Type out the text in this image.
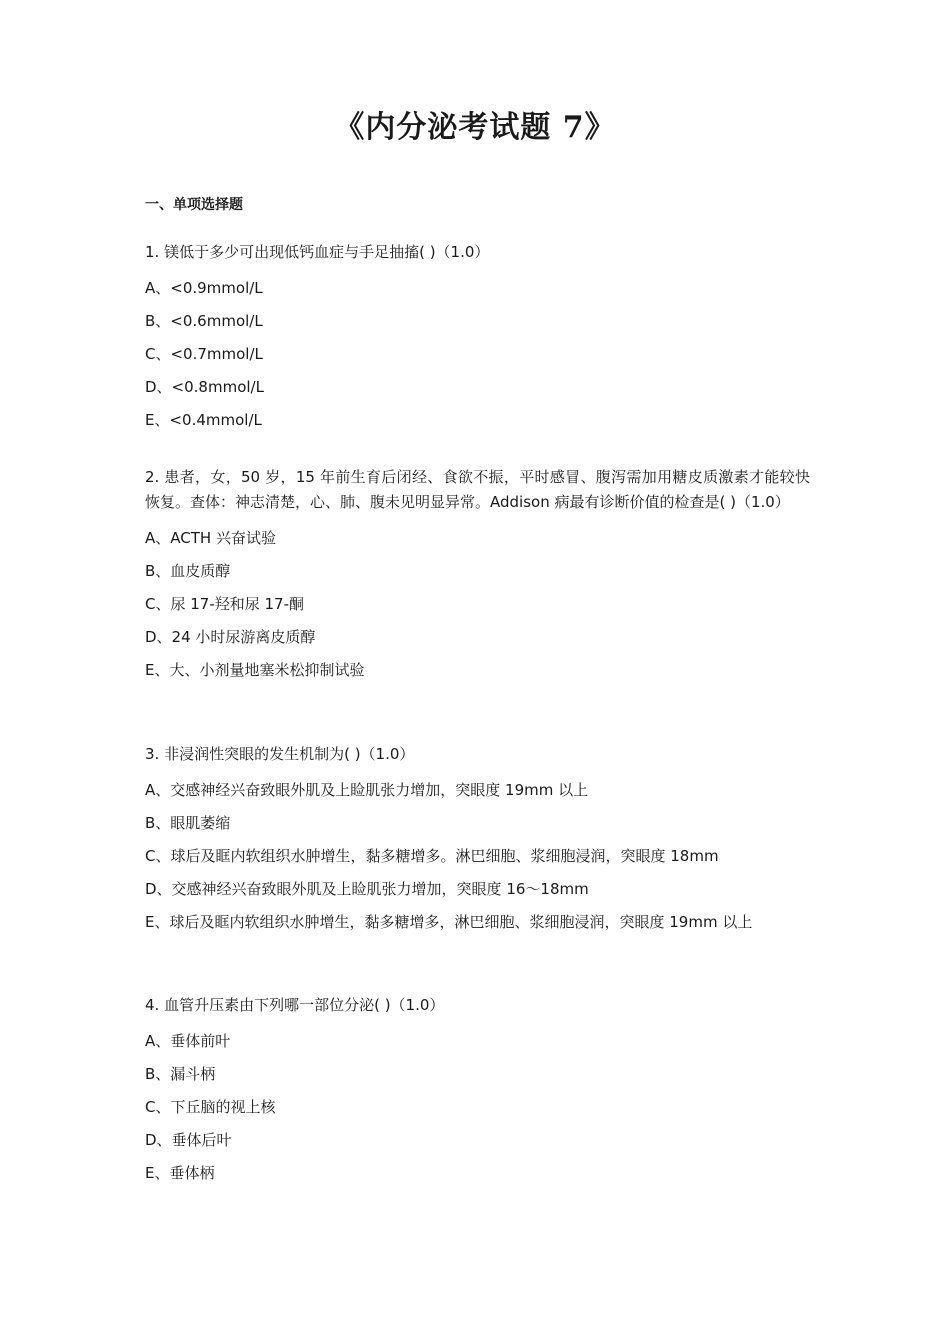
《内分泌考试题 7》
一、单项选择题

1. 镁低于多少可出现低钙血症与手足抽搐( )（1.0）

A、<0.9mmol/L
B、<0.6mmol/L
C、<0.7mmol/L
D、<0.8mmol/L
E、<0.4mmol/L

2. 患者，女，50 岁，15 年前生育后闭经、食欲不振，平时感冒、腹泻需加用糖皮质激素才能较快恢复。查体：神志清楚，心、肺、腹未见明显异常。Addison 病最有诊断价值的检查是( )（1.0）

A、ACTH 兴奋试验
B、血皮质醇
C、尿 17-羟和尿 17-酮
D、24 小时尿游离皮质醇
E、大、小剂量地塞米松抑制试验

3. 非浸润性突眼的发生机制为( )（1.0）

A、交感神经兴奋致眼外肌及上睑肌张力增加，突眼度 19mm 以上
B、眼肌萎缩
C、球后及眶内软组织水肿增生，黏多糖增多。淋巴细胞、浆细胞浸润，突眼度 18mm
D、交感神经兴奋致眼外肌及上睑肌张力增加，突眼度 16～18mm
E、球后及眶内软组织水肿增生，黏多糖增多，淋巴细胞、浆细胞浸润，突眼度 19mm 以上

4. 血管升压素由下列哪一部位分泌( )（1.0）

A、垂体前叶
B、漏斗柄
C、下丘脑的视上核
D、垂体后叶
E、垂体柄
